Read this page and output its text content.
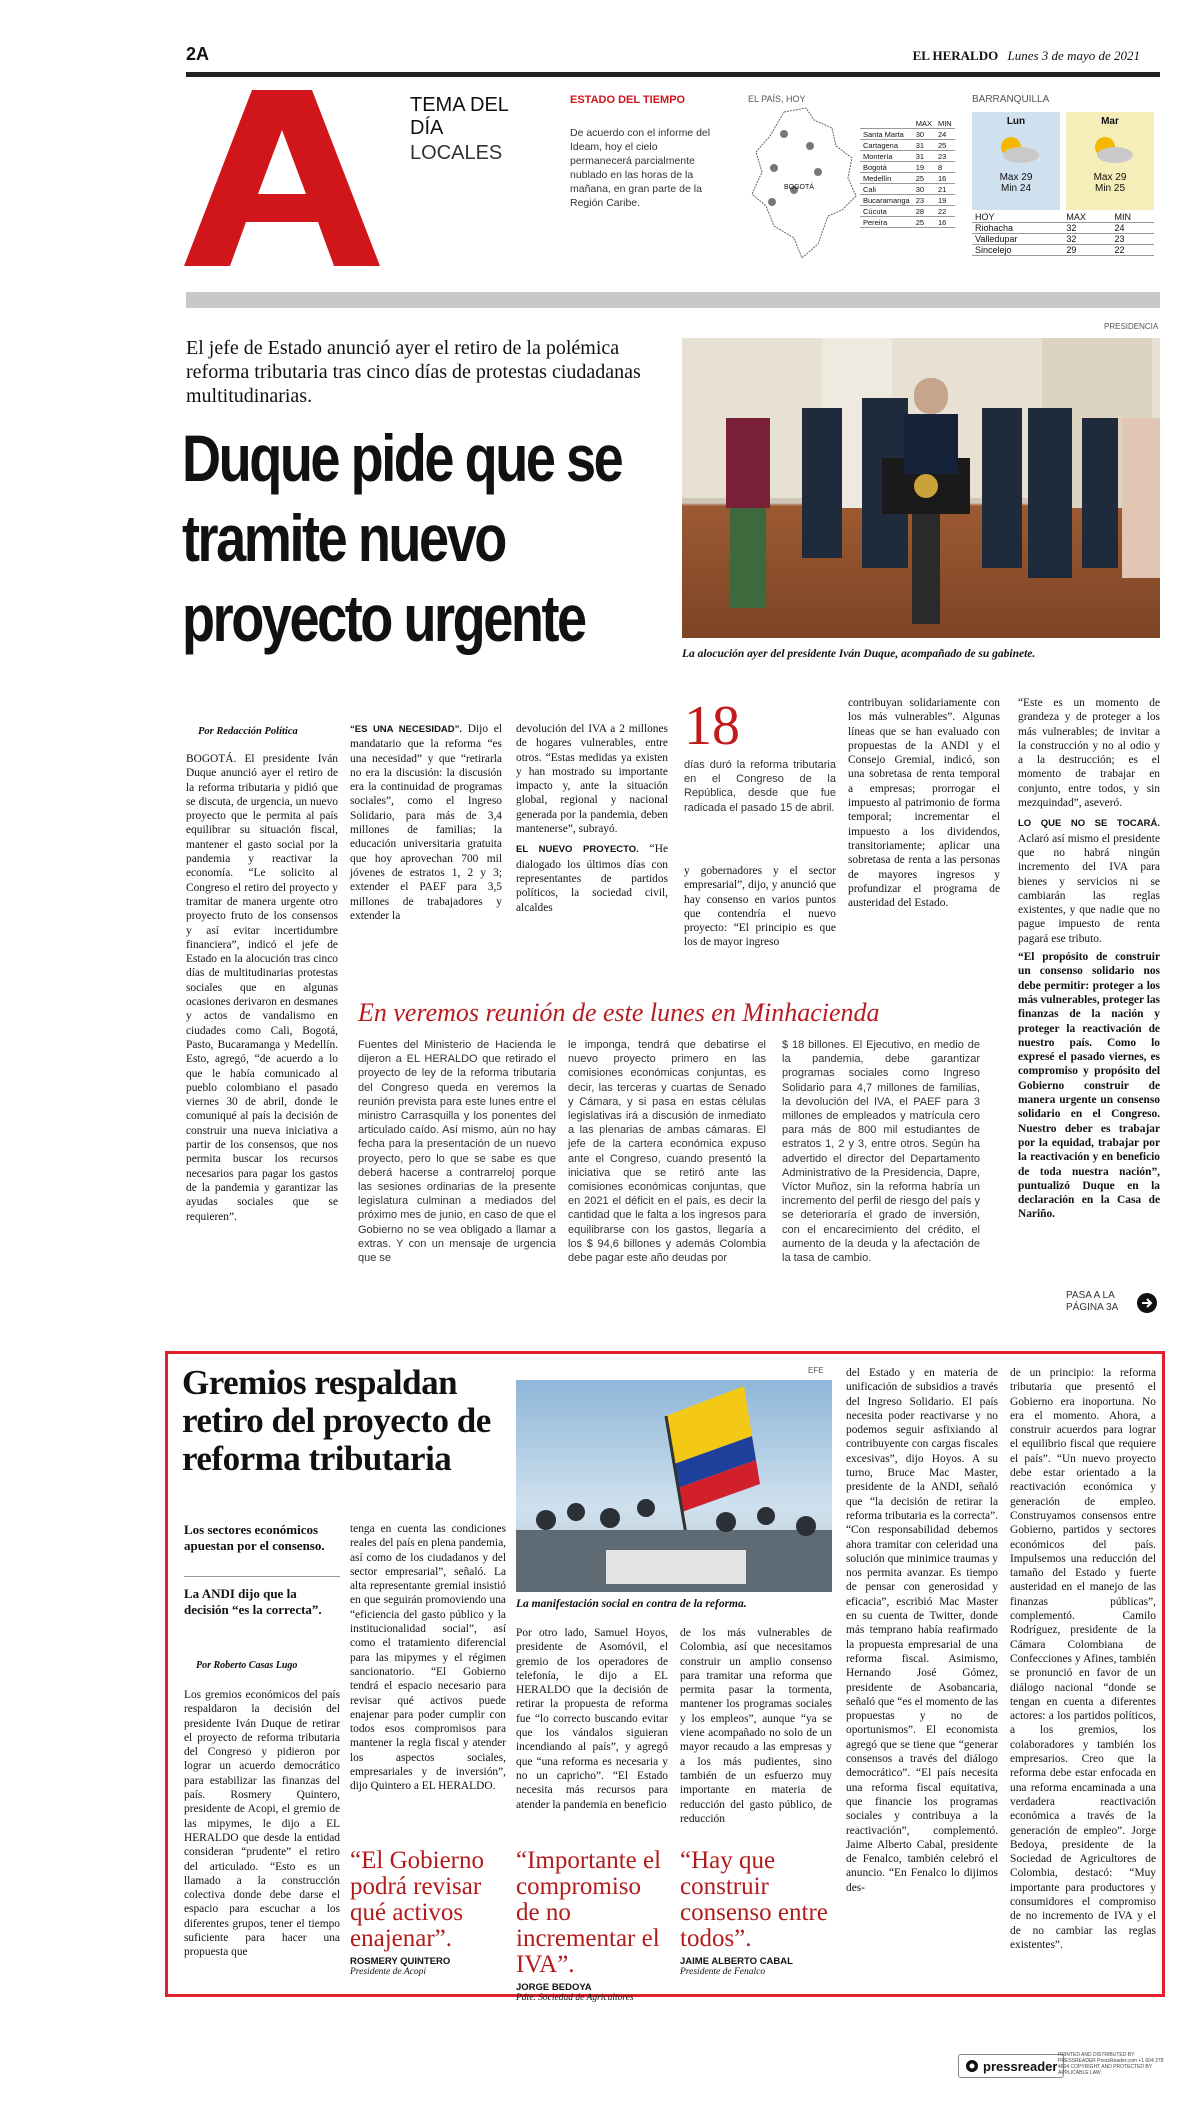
2A	EL HERALDO Lunes 3 de mayo de 2021
TEMA DEL
DÍA
LOCALES
ESTADO DEL TIEMPO
De acuerdo con el informe del Ideam, hoy el cielo permanecerá parcialmente nublado en las horas de la mañana, en gran parte de la Región Caribe.
EL PAÍS, HOY
BOGOTÁ
	MAX	MIN
Santa Marta	30	24
Cartagena	31	25
Montería	31	23
Bogotá	19	8
Medellín	25	16
Cali	30	21
Bucaramanga	23	19
Cúcuta	28	22
Pereira	25	16
BARRANQUILLA
Lun
Max 29
Min 24
Mar
Max 29
Min 25
HOY	MAX	MIN
Riohacha	32	24
Valledupar	32	23
Sincelejo	29	22
PRESIDENCIA
El jefe de Estado anunció ayer el retiro de la polémica reforma tributaria tras cinco días de protestas ciudadanas multitudinarias.
Duque pide que se tramite nuevo proyecto urgente	La alocución ayer del presidente Iván Duque, acompañado de su gabinete.
Por Redacción Política
BOGOTÁ. El presidente Iván Duque anunció ayer el retiro de la reforma tributaria y pidió que se discuta, de urgencia, un nuevo proyecto que le permita al país equilibrar su situación fiscal, mantener el gasto social por la pandemia y reactivar la economía. “Le solicito al Congreso el retiro del proyecto y tramitar de manera urgente otro proyecto fruto de los consensos y así evitar incertidumbre financiera”, indicó el jefe de Estado en la alocución tras cinco días de multitudinarias protestas sociales que en algunas ocasiones derivaron en desmanes y actos de vandalismo en ciudades como Cali, Bogotá, Pasto, Bucaramanga y Medellín. Esto, agregó, “de acuerdo a lo que le había comunicado al pueblo colombiano el pasado viernes 30 de abril, donde le comuniqué al país la decisión de construir una nueva iniciativa a partir de los consensos, que nos permita buscar los recursos necesarios para pagar los gastos de la pandemia y garantizar las ayudas sociales que se requieren”.
“ES UNA NECESIDAD”. Dijo el mandatario que la reforma “es una necesidad” y que “retirarla no era la discusión: la discusión era la continuidad de programas sociales”, como el Ingreso Solidario, para más de 3,4 millones de familias; la educación universitaria gratuita que hoy aprovechan 700 mil jóvenes de estratos 1, 2 y 3; extender el PAEF para 3,5 millones de trabajadores y extender la
devolución del IVA a 2 millones de hogares vulnerables, entre otros. “Estas medidas ya existen y han mostrado su importante impacto y, ante la situación global, regional y nacional generada por la pandemia, deben mantenerse”, subrayó.
EL NUEVO PROYECTO. “He dialogado los últimos días con representantes de partidos políticos, la sociedad civil, alcaldes
18
días duró la reforma tributaria en el Congreso de la República, desde que fue radicada el pasado 15 de abril.
y gobernadores y el sector empresarial”, dijo, y anunció que hay consenso en varios puntos que contendría el nuevo proyecto: “El principio es que los de mayor ingreso
contribuyan solidariamente con los más vulnerables”. Algunas líneas que se han evaluado con propuestas de la ANDI y el Consejo Gremial, indicó, son una sobretasa de renta temporal a empresas; prorrogar el impuesto al patrimonio de forma temporal; incrementar el impuesto a los dividendos, transitoriamente; aplicar una sobretasa de renta a las personas de mayores ingresos y profundizar el programa de austeridad del Estado.
“Este es un momento de grandeza y de proteger a los más vulnerables; de invitar a la construcción y no al odio y a la destrucción; es el momento de trabajar en conjunto, entre todos, y sin mezquindad”, aseveró.
LO QUE NO SE TOCARÁ. Aclaró así mismo el presidente que no habrá ningún incremento del IVA para bienes y servicios ni se cambiarán las reglas existentes, y que nadie que no pague impuesto de renta pagará ese tributo.
“El propósito de construir un consenso solidario nos debe permitir: proteger a los más vulnerables, proteger las finanzas de la nación y proteger la reactivación de nuestro país. Como lo expresé el pasado viernes, es compromiso y propósito del Gobierno construir de manera urgente un consenso solidario en el Congreso. Nuestro deber es trabajar por la equidad, trabajar por la reactivación y en beneficio de toda nuestra nación”, puntualizó Duque en la declaración en la Casa de Nariño.
En veremos reunión de este lunes en Minhacienda
Fuentes del Ministerio de Hacienda le dijeron a EL HERALDO que retirado el proyecto de ley de la reforma tributaria del Congreso queda en veremos la reunión prevista para este lunes entre el ministro Carrasquilla y los ponentes del articulado caído. Así mismo, aún no hay fecha para la presentación de un nuevo proyecto, pero lo que se sabe es que deberá hacerse a contrarreloj porque las sesiones ordinarias de la presente legislatura culminan a mediados del próximo mes de junio, en caso de que el Gobierno no se vea obligado a llamar a extras. Y con un mensaje de urgencia que se
le imponga, tendrá que debatirse el nuevo proyecto primero en las comisiones económicas conjuntas, es decir, las terceras y cuartas de Senado y Cámara, y si pasa en estas células legislativas irá a discusión de inmediato a las plenarias de ambas cámaras. El jefe de la cartera económica expuso ante el Congreso, cuando presentó la iniciativa que se retiró ante las comisiones económicas conjuntas, que en 2021 el déficit en el país, es decir la cantidad que le falta a los ingresos para equilibrarse con los gastos, llegaría a los $ 94,6 billones y además Colombia debe pagar este año deudas por
$ 18 billones. El Ejecutivo, en medio de la pandemia, debe garantizar programas sociales como Ingreso Solidario para 4,7 millones de familias, la devolución del IVA, el PAEF para 3 millones de empleados y matrícula cero para más de 800 mil estudiantes de estratos 1, 2 y 3, entre otros. Según ha advertido el director del Departamento Administrativo de la Presidencia, Dapre, Víctor Muñoz, sin la reforma habría un incremento del perfil de riesgo del país y se deterioraría el grado de inversión, con el encarecimiento del crédito, el aumento de la deuda y la afectación de la tasa de cambio.
PASA A LA PÁGINA 3A
Gremios respaldan retiro del proyecto de reforma tributaria
EFE
La manifestación social en contra de la reforma.
Los sectores económicos apuestan por el consenso.
La ANDI dijo que la decisión “es la correcta”.
Por Roberto Casas Lugo
Los gremios económicos del país respaldaron la decisión del presidente Iván Duque de retirar el proyecto de reforma tributaria del Congreso y pidieron por lograr un acuerdo democrático para estabilizar las finanzas del país. Rosmery Quintero, presidente de Acopi, el gremio de las mipymes, le dijo a EL HERALDO que desde la entidad consideran “prudente” el retiro del articulado. “Esto es un llamado a la construcción colectiva donde debe darse el espacio para escuchar a los diferentes grupos, tener el tiempo suficiente para hacer una propuesta que
tenga en cuenta las condiciones reales del país en plena pandemia, así como de los ciudadanos y del sector empresarial”, señaló. La alta representante gremial insistió en que seguirán promoviendo una “eficiencia del gasto público y la institucionalidad social”, así como el tratamiento diferencial para las mipymes y el régimen sancionatorio. “El Gobierno tendrá el espacio necesario para revisar qué activos puede enajenar para poder cumplir con todos esos compromisos para mantener la regla fiscal y atender los aspectos sociales, empresariales y de inversión”, dijo Quintero a EL HERALDO.
Por otro lado, Samuel Hoyos, presidente de Asomóvil, el gremio de los operadores de telefonía, le dijo a EL HERALDO que la decisión de retirar la propuesta de reforma fue “lo correcto buscando evitar que los vándalos siguieran incendiando al país”, y agregó que “una reforma es necesaria y no un capricho”. “El Estado necesita más recursos para atender la pandemia en beneficio
de los más vulnerables de Colombia, así que necesitamos construir un amplio consenso para tramitar una reforma que permita pasar la tormenta, mantener los programas sociales y los empleos”, aunque “ya se viene acompañado no solo de un mayor recaudo a las empresas y a los más pudientes, sino también de un esfuerzo muy importante en materia de reducción del gasto público, de reducción
del Estado y en materia de unificación de subsidios a través del Ingreso Solidario. El país necesita poder reactivarse y no podemos seguir asfixiando al contribuyente con cargas fiscales excesivas”, dijo Hoyos. A su turno, Bruce Mac Master, presidente de la ANDI, señaló que “la decisión de retirar la reforma tributaria es la correcta”. “Con responsabilidad debemos ahora tramitar con celeridad una solución que minimice traumas y nos permita avanzar. Es tiempo de pensar con generosidad y eficacia”, escribió Mac Master en su cuenta de Twitter, donde más temprano había reafirmado la propuesta empresarial de una reforma fiscal. Asimismo, Hernando José Gómez, presidente de Asobancaria, señaló que “es el momento de las propuestas y no de oportunismos”. El economista agregó que se tiene que “generar consensos a través del diálogo democrático”. “El país necesita una reforma fiscal equitativa, que financie los programas sociales y contribuya a la reactivación”, complementó. Jaime Alberto Cabal, presidente de Fenalco, también celebró el anuncio. “En Fenalco lo dijimos des-
de un principio: la reforma tributaria que presentó el Gobierno era inoportuna. No era el momento. Ahora, a construir acuerdos para lograr el equilibrio fiscal que requiere el país”. “Un nuevo proyecto debe estar orientado a la reactivación económica y generación de empleo. Construyamos consensos entre Gobierno, partidos y sectores económicos del país. Impulsemos una reducción del tamaño del Estado y fuerte austeridad en el manejo de las finanzas públicas”, complementó. Camilo Rodríguez, presidente de la Cámara Colombiana de Confecciones y Afines, también se pronunció en favor de un diálogo nacional “donde se tengan en cuenta a diferentes actores: a los partidos políticos, a los gremios, los colaboradores y también los empresarios. Creo que la reforma debe estar enfocada en una reforma encaminada a una verdadera reactivación económica a través de la generación de empleo”. Jorge Bedoya, presidente de la Sociedad de Agricultores de Colombia, destacó: “Muy importante para productores y consumidores el compromiso de no incremento de IVA y el de no cambiar las reglas existentes”.
“El Gobierno podrá revisar qué activos enajenar”.
ROSMERY QUINTERO
Presidente de Acopi
“Importante el compromiso de no incrementar el IVA”.
JORGE BEDOYA
Pdte. Sociedad de Agricultores
“Hay que construir consenso entre todos”.
JAIME ALBERTO CABAL
Presidente de Fenalco
pressreader
PRINTED AND DISTRIBUTED BY PRESSREADER PressReader.com +1 604 278 4604 COPYRIGHT AND PROTECTED BY APPLICABLE LAW
